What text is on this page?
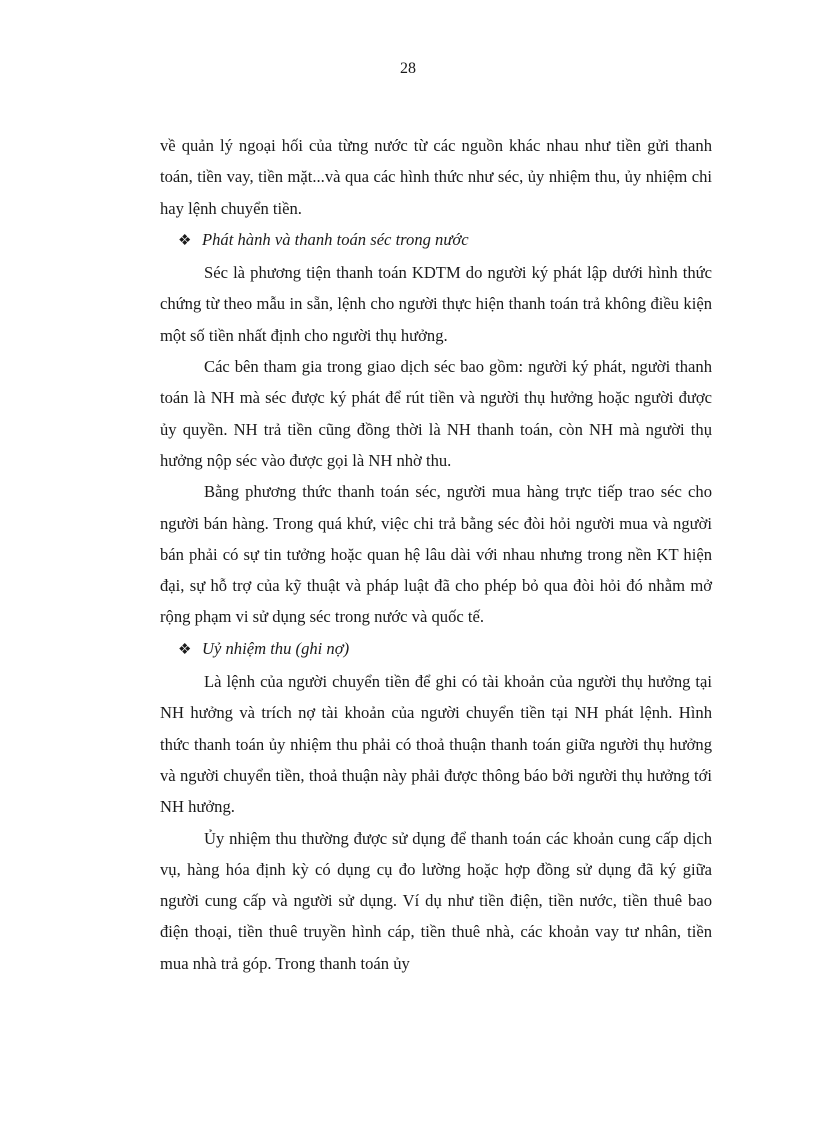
28

về quản lý ngoại hối của từng nước từ các nguồn khác nhau như tiền gửi thanh toán, tiền vay, tiền mặt...và qua các hình thức như séc, ủy nhiệm thu, ủy nhiệm chi hay lệnh chuyển tiền.

❖ Phát hành và thanh toán séc trong nước

Séc là phương tiện thanh toán KDTM do người ký phát lập dưới hình thức chứng từ theo mẫu in sẵn, lệnh cho người thực hiện thanh toán trả không điều kiện một số tiền nhất định cho người thụ hưởng.

Các bên tham gia trong giao dịch séc bao gồm: người ký phát, người thanh toán là NH mà séc được ký phát để rút tiền và người thụ hưởng hoặc người được ủy quyền. NH trả tiền cũng đồng thời là NH thanh toán, còn NH mà người thụ hưởng nộp séc vào được gọi là NH nhờ thu.

Bằng phương thức thanh toán séc, người mua hàng trực tiếp trao séc cho người bán hàng. Trong quá khứ, việc chi trả bằng séc đòi hỏi người mua và người bán phải có sự tin tưởng hoặc quan hệ lâu dài với nhau nhưng trong nền KT hiện đại, sự hỗ trợ của kỹ thuật và pháp luật đã cho phép bỏ qua đòi hỏi đó nhằm mở rộng phạm vi sử dụng séc trong nước và quốc tế.

❖ Uỷ nhiệm thu (ghi nợ)

Là lệnh của người chuyển tiền để ghi có tài khoản của người thụ hưởng tại NH hưởng và trích nợ tài khoản của người chuyển tiền tại NH phát lệnh. Hình thức thanh toán ủy nhiệm thu phải có thoả thuận thanh toán giữa người thụ hưởng và người chuyển tiền, thoả thuận này phải được thông báo bởi người thụ hưởng tới NH hưởng.

Ủy nhiệm thu thường được sử dụng để thanh toán các khoản cung cấp dịch vụ, hàng hóa định kỳ có dụng cụ đo lường hoặc hợp đồng sử dụng đã ký giữa người cung cấp và người sử dụng. Ví dụ như tiền điện, tiền nước, tiền thuê bao điện thoại, tiền thuê truyền hình cáp, tiền thuê nhà, các khoản vay tư nhân, tiền mua nhà trả góp. Trong thanh toán ủy
